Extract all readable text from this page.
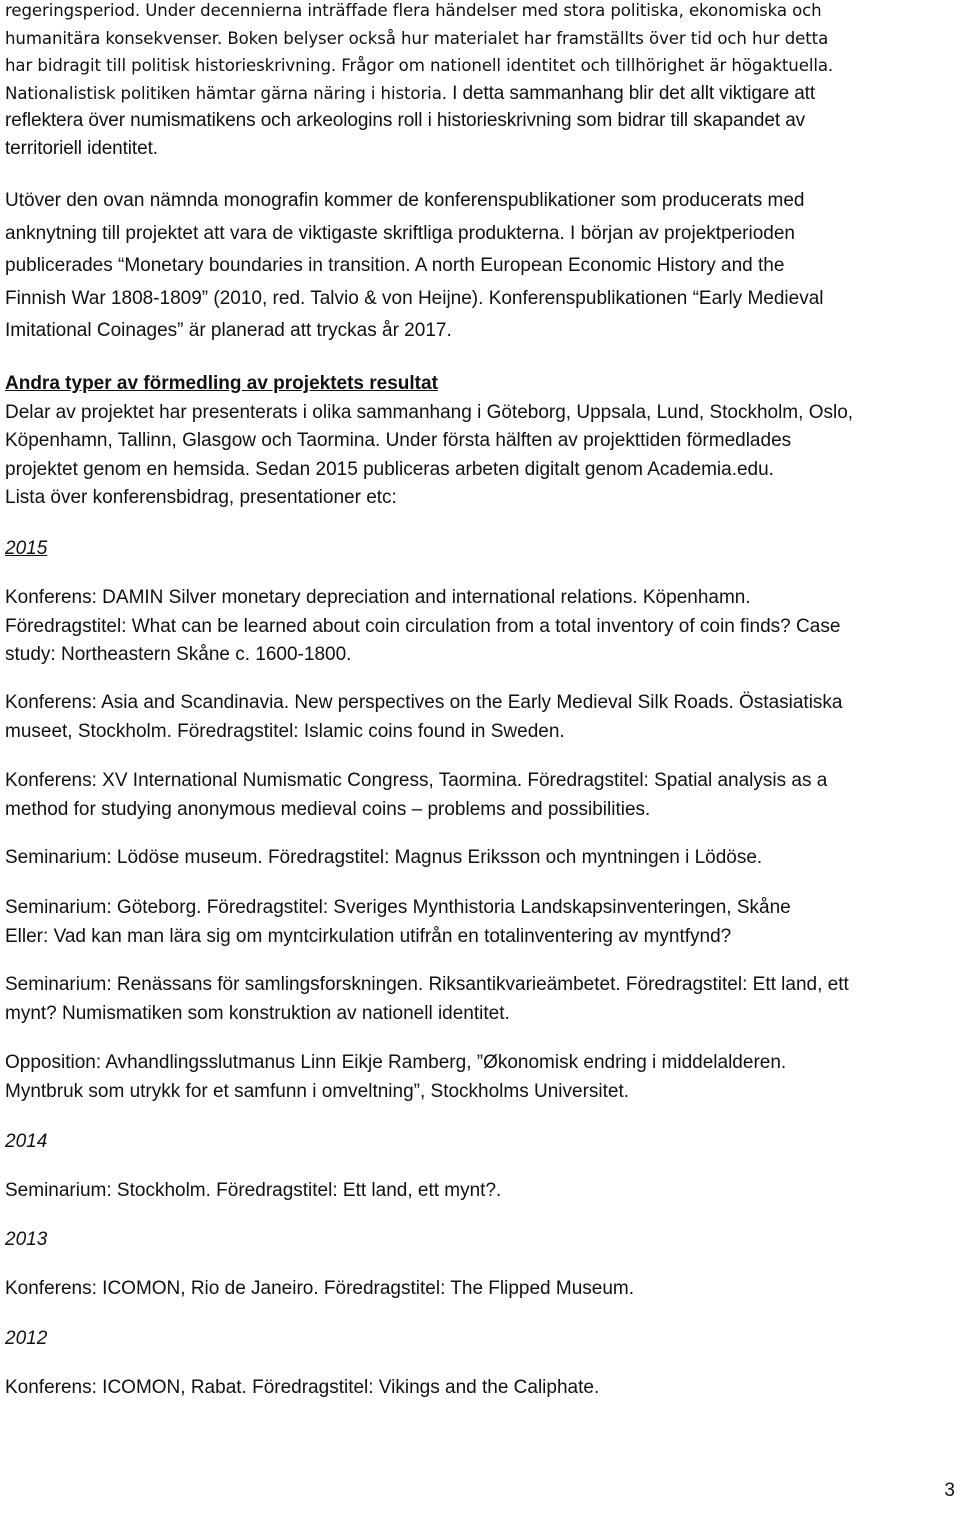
regeringsperiod. Under decennierna inträffade flera händelser med stora politiska, ekonomiska och
humanitära konsekvenser. Boken belyser också hur materialet har framställts över tid och hur detta
har bidragit till politisk historieskrivning. Frågor om nationell identitet och tillhörighet är högaktuella.
Nationalistisk politiken hämtar gärna näring i historia. I detta sammanhang blir det allt viktigare att
reflektera över numismatikens och arkeologins roll i historieskrivning som bidrar till skapandet av
territoriell identitet.
Utöver den ovan nämnda monografin kommer de konferenspublikationer som producerats med
anknytning till projektet att vara de viktigaste skriftliga produkterna. I början av projektperioden
publicerades “Monetary boundaries in transition. A north European Economic History and the
Finnish War 1808-1809” (2010, red. Talvio & von Heijne). Konferenspublikationen “Early Medieval
Imitational Coinages” är planerad att tryckas år 2017.
Andra typer av förmedling av projektets resultat
Delar av projektet har presenterats i olika sammanhang i Göteborg, Uppsala, Lund, Stockholm, Oslo,
Köpenhamn, Tallinn, Glasgow och Taormina. Under första hälften av projekttiden förmedlades
projektet genom en hemsida. Sedan 2015 publiceras arbeten digitalt genom Academia.edu.
Lista över konferensbidrag, presentationer etc:

2015

Konferens: DAMIN Silver monetary depreciation and international relations. Köpenhamn.
Föredragstitel: What can be learned about coin circulation from a total inventory of coin finds? Case
study: Northeastern Skåne c. 1600-1800.
Konferens: Asia and Scandinavia. New perspectives on the Early Medieval Silk Roads. Östasiatiska
museet, Stockholm. Föredragstitel: Islamic coins found in Sweden.
Konferens: XV International Numismatic Congress, Taormina. Föredragstitel: Spatial analysis as a
method for studying anonymous medieval coins – problems and possibilities.
Seminarium: Lödöse museum. Föredragstitel: Magnus Eriksson och myntningen i Lödöse.
Seminarium: Göteborg. Föredragstitel: Sveriges Mynthistoria Landskapsinventeringen, Skåne
Eller: Vad kan man lära sig om myntcirkulation utifrån en totalinventering av myntfynd?
Seminarium: Renässans för samlingsforskningen. Riksantikvarieämbetet. Föredragstitel: Ett land, ett
mynt? Numismatiken som konstruktion av nationell identitet.
Opposition: Avhandlingsslutmanus Linn Eikje Ramberg, ”Økonomisk endring i middelalderen.
Myntbruk som utrykk for et samfunn i omveltning”, Stockholms Universitet.

2014

Seminarium: Stockholm. Föredragstitel: Ett land, ett mynt?.

2013

Konferens: ICOMON, Rio de Janeiro. Föredragstitel: The Flipped Museum.

2012

Konferens: ICOMON, Rabat. Föredragstitel: Vikings and the Caliphate.
3
